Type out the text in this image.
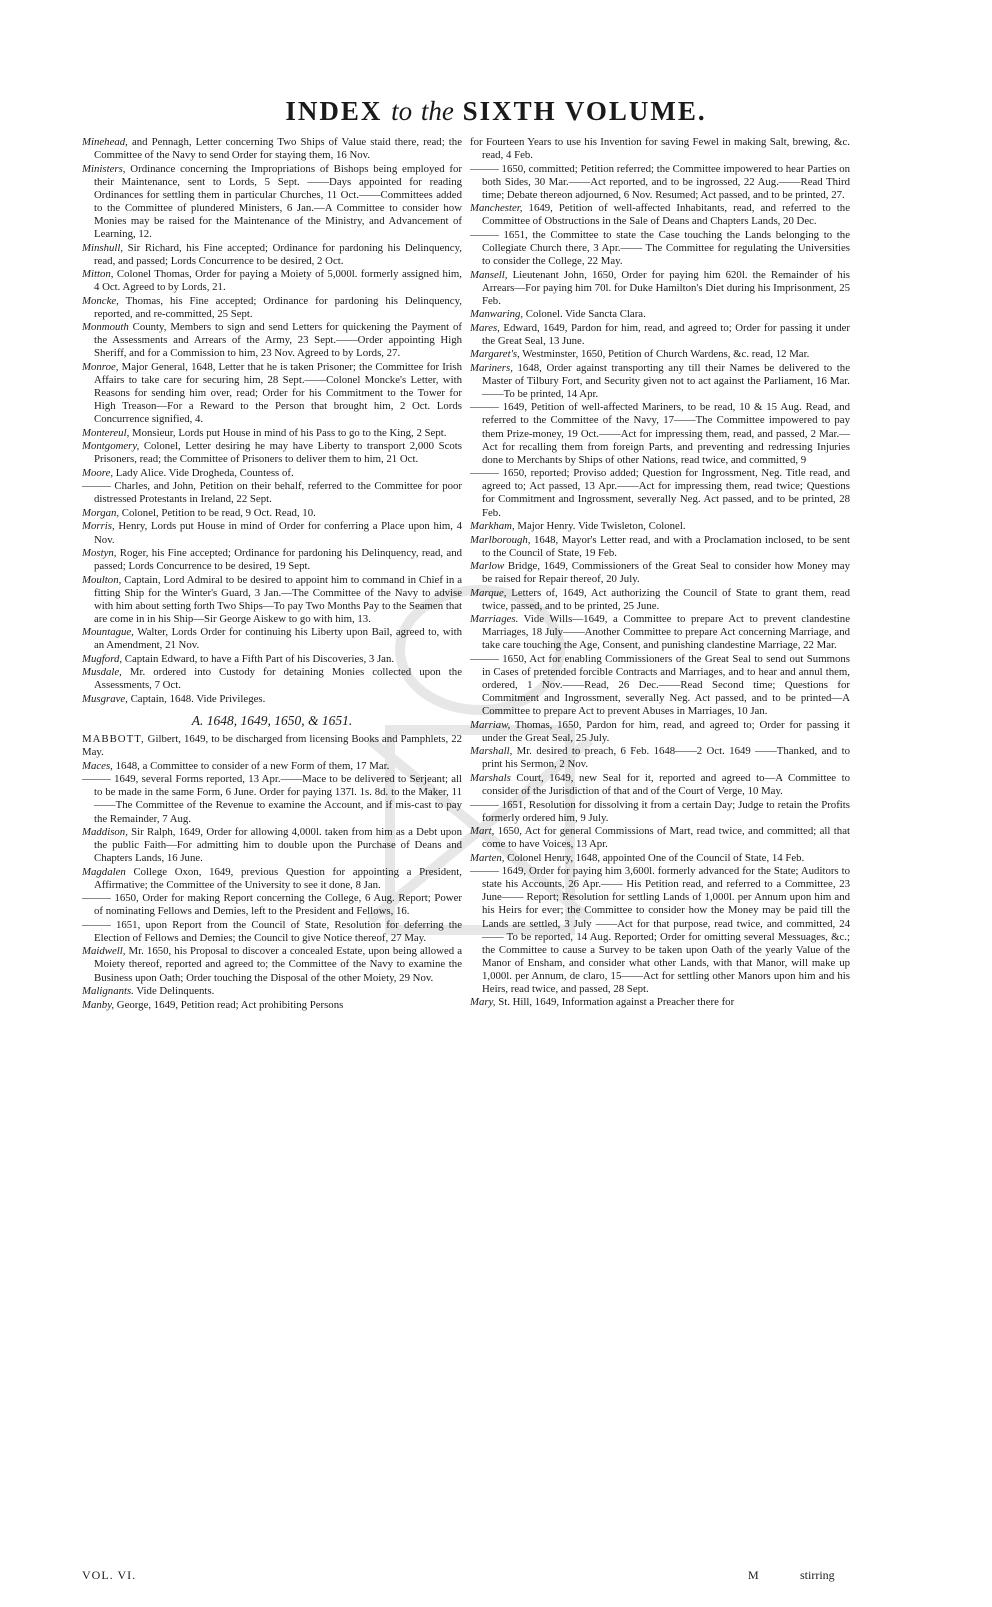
INDEX to the SIXTH VOLUME.

Minehead, and Pennagh, Letter concerning Two Ships of Value staid there, read; the Committee of the Navy to send Order for staying them, 16 Nov.

Ministers, Ordinance concerning the Impropriations of Bishops being employed for their Maintenance, sent to Lords, 5 Sept. ——Days appointed for reading Ordinances for settling them in particular Churches, 11 Oct.——Committees added to the Committee of plundered Ministers, 6 Jan.—A Committee to consider how Monies may be raised for the Maintenance of the Ministry, and Advancement of Learning, 12.

Minshull, Sir Richard, his Fine accepted; Ordinance for pardoning his Delinquency, read, and passed; Lords Concurrence to be desired, 2 Oct.

Mitton, Colonel Thomas, Order for paying a Moiety of 5,000l. formerly assigned him, 4 Oct. Agreed to by Lords, 21.

Moncke, Thomas, his Fine accepted; Ordinance for pardoning his Delinquency, reported, and re-committed, 25 Sept.

Monmouth County, Members to sign and send Letters for quickening the Payment of the Assessments and Arrears of the Army, 23 Sept.——Order appointing High Sheriff, and for a Commission to him, 23 Nov. Agreed to by Lords, 27.

Monroe, Major General, 1648, Letter that he is taken Prisoner; the Committee for Irish Affairs to take care for securing him, 28 Sept.——Colonel Moncke's Letter, with Reasons for sending him over, read; Order for his Commitment to the Tower for High Treason—For a Reward to the Person that brought him, 2 Oct. Lords Concurrence signified, 4.

Montereul, Monsieur, Lords put House in mind of his Pass to go to the King, 2 Sept.

Montgomery, Colonel, Letter desiring he may have Liberty to transport 2,000 Scots Prisoners, read; the Committee of Prisoners to deliver them to him, 21 Oct.

Moore, Lady Alice. Vide Drogheda, Countess of.

——— Charles, and John, Petition on their behalf, referred to the Committee for poor distressed Protestants in Ireland, 22 Sept.

Morgan, Colonel, Petition to be read, 9 Oct. Read, 10.

Morris, Henry, Lords put House in mind of Order for conferring a Place upon him, 4 Nov.

Mostyn, Roger, his Fine accepted; Ordinance for pardoning his Delinquency, read, and passed; Lords Concurrence to be desired, 19 Sept.

Moulton, Captain, Lord Admiral to be desired to appoint him to command in Chief in a fitting Ship for the Winter's Guard, 3 Jan.—The Committee of the Navy to advise with him about setting forth Two Ships—To pay Two Months Pay to the Seamen that are come in in his Ship—Sir George Aiskew to go with him, 13.

Mountague, Walter, Lords Order for continuing his Liberty upon Bail, agreed to, with an Amendment, 21 Nov.

Mugford, Captain Edward, to have a Fifth Part of his Discoveries, 3 Jan.

Musdale, Mr. ordered into Custody for detaining Monies collected upon the Assessments, 7 Oct.

Musgrave, Captain, 1648. Vide Privileges.

A. 1648, 1649, 1650, & 1651.

MABBOTT, Gilbert, 1649, to be discharged from licensing Books and Pamphlets, 22 May.

Maces, 1648, a Committee to consider of a new Form of them, 17 Mar.

——— 1649, several Forms reported, 13 Apr.——Mace to be delivered to Serjeant; all to be made in the same Form, 6 June. Order for paying 137l. 1s. 8d. to the Maker, 11 ——The Committee of the Revenue to examine the Account, and if mis-cast to pay the Remainder, 7 Aug.

Maddison, Sir Ralph, 1649, Order for allowing 4,000l. taken from him as a Debt upon the public Faith—For admitting him to double upon the Purchase of Deans and Chapters Lands, 16 June.

Magdalen College Oxon, 1649, previous Question for appointing a President, Affirmative; the Committee of the University to see it done, 8 Jan.

——— 1650, Order for making Report concerning the College, 6 Aug. Report; Power of nominating Fellows and Demies, left to the President and Fellows, 16.

——— 1651, upon Report from the Council of State, Resolution for deferring the Election of Fellows and Demies; the Council to give Notice thereof, 27 May.

Maidwell, Mr. 1650, his Proposal to discover a concealed Estate, upon being allowed a Moiety thereof, reported and agreed to; the Committee of the Navy to examine the Business upon Oath; Order touching the Disposal of the other Moiety, 29 Nov.

Malignants. Vide Delinquents.

Manby, George, 1649, Petition read; Act prohibiting Persons

for Fourteen Years to use his Invention for saving Fewel in making Salt, brewing, &c. read, 4 Feb.

——— 1650, committed; Petition referred; the Committee impowered to hear Parties on both Sides, 30 Mar.——Act reported, and to be ingrossed, 22 Aug.——Read Third time; Debate thereon adjourned, 6 Nov. Resumed; Act passed, and to be printed, 27.

Manchester, 1649, Petition of well-affected Inhabitants, read, and referred to the Committee of Obstructions in the Sale of Deans and Chapters Lands, 20 Dec.

——— 1651, the Committee to state the Case touching the Lands belonging to the Collegiate Church there, 3 Apr.—— The Committee for regulating the Universities to consider the College, 22 May.

Mansell, Lieutenant John, 1650, Order for paying him 620l. the Remainder of his Arrears—For paying him 70l. for Duke Hamilton's Diet during his Imprisonment, 25 Feb.

Manwaring, Colonel. Vide Sancta Clara.

Mares, Edward, 1649, Pardon for him, read, and agreed to; Order for passing it under the Great Seal, 13 June.

Margaret's, Westminster, 1650, Petition of Church Wardens, &c. read, 12 Mar.

Mariners, 1648, Order against transporting any till their Names be delivered to the Master of Tilbury Fort, and Security given not to act against the Parliament, 16 Mar.——To be printed, 14 Apr.

——— 1649, Petition of well-affected Mariners, to be read, 10 & 15 Aug. Read, and referred to the Committee of the Navy, 17——The Committee impowered to pay them Prize-money, 19 Oct.——Act for impressing them, read, and passed, 2 Mar.—Act for recalling them from foreign Parts, and preventing and redressing Injuries done to Merchants by Ships of other Nations, read twice, and committed, 9

——— 1650, reported; Proviso added; Question for Ingrossment, Neg. Title read, and agreed to; Act passed, 13 Apr.——Act for impressing them, read twice; Questions for Commitment and Ingrossment, severally Neg. Act passed, and to be printed, 28 Feb.

Markham, Major Henry. Vide Twisleton, Colonel.

Marlborough, 1648, Mayor's Letter read, and with a Proclamation inclosed, to be sent to the Council of State, 19 Feb.

Marlow Bridge, 1649, Commissioners of the Great Seal to consider how Money may be raised for Repair thereof, 20 July.

Marque, Letters of, 1649, Act authorizing the Council of State to grant them, read twice, passed, and to be printed, 25 June.

Marriages. Vide Wills—1649, a Committee to prepare Act to prevent clandestine Marriages, 18 July——Another Committee to prepare Act concerning Marriage, and take care touching the Age, Consent, and punishing clandestine Marriage, 22 Mar.

——— 1650, Act for enabling Commissioners of the Great Seal to send out Summons in Cases of pretended forcible Contracts and Marriages, and to hear and annul them, ordered, 1 Nov.——Read, 26 Dec.——Read Second time; Questions for Commitment and Ingrossment, severally Neg. Act passed, and to be printed—A Committee to prepare Act to prevent Abuses in Marriages, 10 Jan.

Marriaw, Thomas, 1650, Pardon for him, read, and agreed to; Order for passing it under the Great Seal, 25 July.

Marshall, Mr. desired to preach, 6 Feb. 1648——2 Oct. 1649 ——Thanked, and to print his Sermon, 2 Nov.

Marshals Court, 1649, new Seal for it, reported and agreed to—A Committee to consider of the Jurisdiction of that and of the Court of Verge, 10 May.

——— 1651, Resolution for dissolving it from a certain Day; Judge to retain the Profits formerly ordered him, 9 July.

Mart, 1650, Act for general Commissions of Mart, read twice, and committed; all that come to have Voices, 13 Apr.

Marten, Colonel Henry, 1648, appointed One of the Council of State, 14 Feb.

——— 1649, Order for paying him 3,600l. formerly advanced for the State; Auditors to state his Accounts, 26 Apr.—— His Petition read, and referred to a Committee, 23 June—— Report; Resolution for settling Lands of 1,000l. per Annum upon him and his Heirs for ever; the Committee to consider how the Money may be paid till the Lands are settled, 3 July ——Act for that purpose, read twice, and committed, 24 —— To be reported, 14 Aug. Reported; Order for omitting several Messuages, &c.; the Committee to cause a Survey to be taken upon Oath of the yearly Value of the Manor of Ensham, and consider what other Lands, with that Manor, will make up 1,000l. per Annum, de claro, 15——Act for settling other Manors upon him and his Heirs, read twice, and passed, 28 Sept.

Mary, St. Hill, 1649, Information against a Preacher there for

VOL. VI.	M	stirring
